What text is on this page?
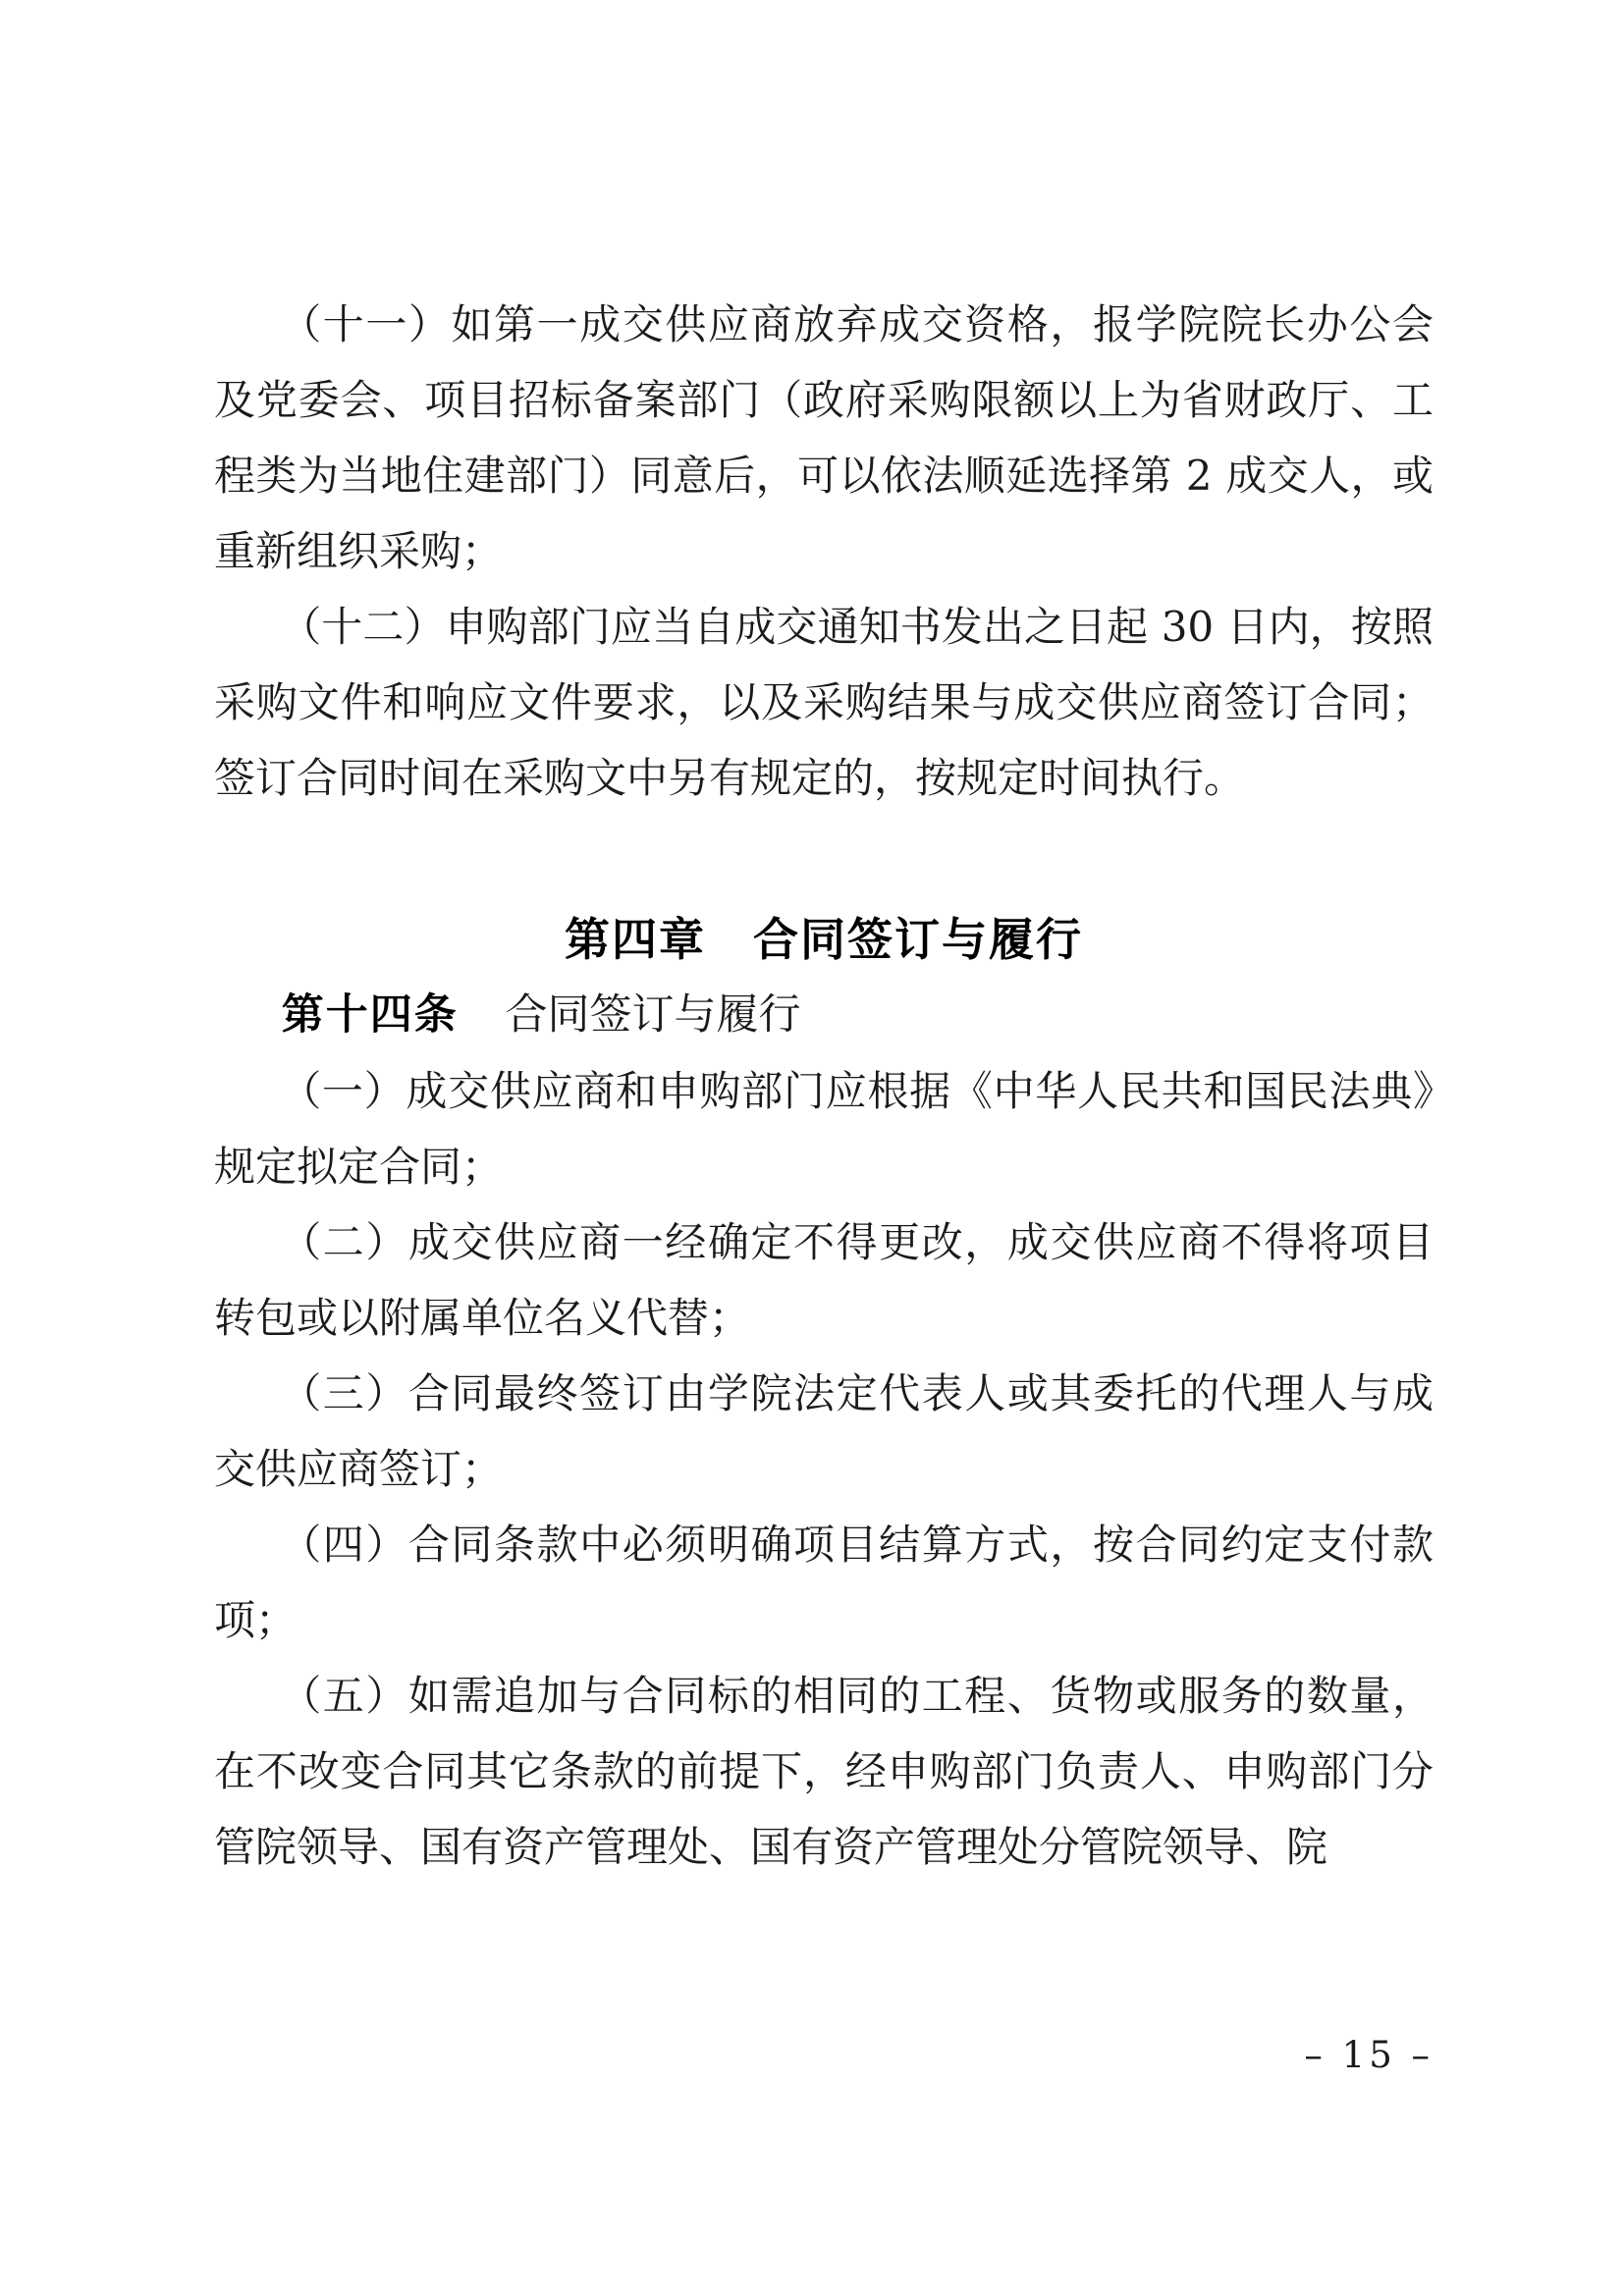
（十一）如第一成交供应商放弃成交资格，报学院院长办公会及党委会、项目招标备案部门（政府采购限额以上为省财政厅、工程类为当地住建部门）同意后，可以依法顺延选择第 2 成交人，或重新组织采购；

（十二）申购部门应当自成交通知书发出之日起 30 日内，按照采购文件和响应文件要求，以及采购结果与成交供应商签订合同；签订合同时间在采购文中另有规定的，按规定时间执行。

第四章　合同签订与履行

第十四条 合同签订与履行

（一）成交供应商和申购部门应根据《中华人民共和国民法典》规定拟定合同；

（二）成交供应商一经确定不得更改，成交供应商不得将项目转包或以附属单位名义代替；

（三）合同最终签订由学院法定代表人或其委托的代理人与成交供应商签订；

（四）合同条款中必须明确项目结算方式，按合同约定支付款项；

（五）如需追加与合同标的相同的工程、货物或服务的数量，在不改变合同其它条款的前提下，经申购部门负责人、申购部门分管院领导、国有资产管理处、国有资产管理处分管院领导、院

– 15 –
